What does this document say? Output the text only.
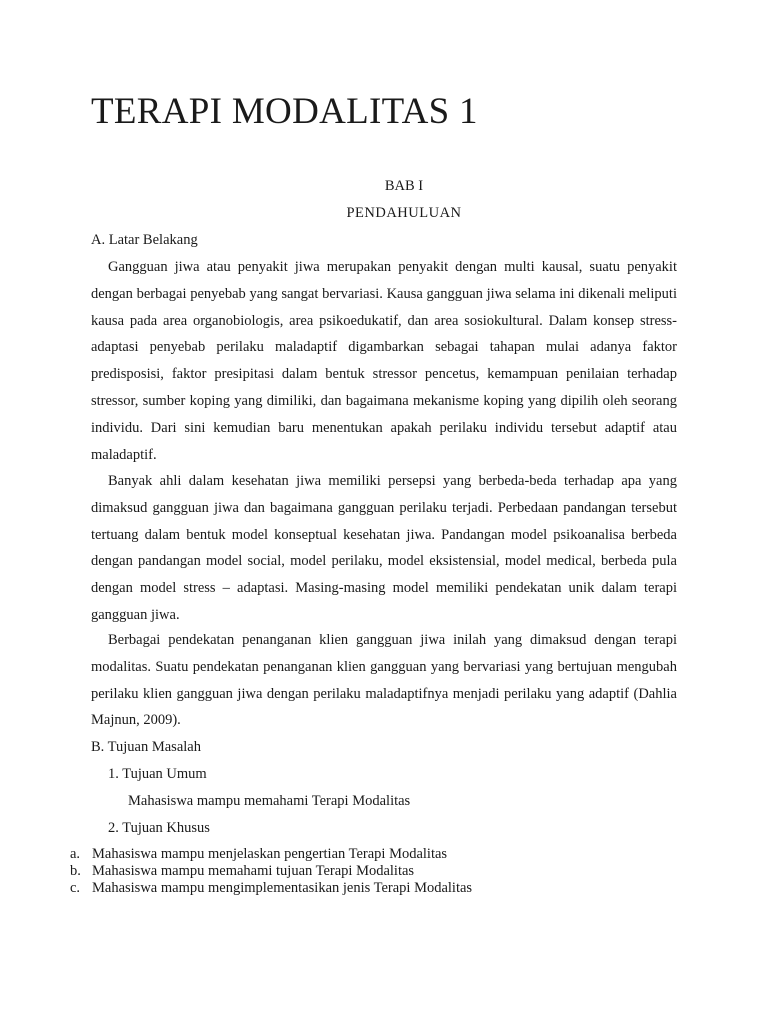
TERAPI MODALITAS 1
BAB I
PENDAHULUAN

A. Latar Belakang

Gangguan jiwa atau penyakit jiwa merupakan penyakit dengan multi kausal, suatu penyakit dengan berbagai penyebab yang sangat bervariasi. Kausa gangguan jiwa selama ini dikenali meliputi kausa pada area organobiologis, area psikoedukatif, dan area sosiokultural. Dalam konsep stress-adaptasi penyebab perilaku maladaptif digambarkan sebagai tahapan mulai adanya faktor predisposisi, faktor presipitasi dalam bentuk stressor pencetus, kemampuan penilaian terhadap stressor, sumber koping yang dimiliki, dan bagaimana mekanisme koping yang dipilih oleh seorang individu. Dari sini kemudian baru menentukan apakah perilaku individu tersebut adaptif atau maladaptif.

Banyak ahli dalam kesehatan jiwa memiliki persepsi yang berbeda-beda terhadap apa yang dimaksud gangguan jiwa dan bagaimana gangguan perilaku terjadi. Perbedaan pandangan tersebut tertuang dalam bentuk model konseptual kesehatan jiwa. Pandangan model psikoanalisa berbeda dengan pandangan model social, model perilaku, model eksistensial, model medical, berbeda pula dengan model stress – adaptasi. Masing-masing model memiliki pendekatan unik dalam terapi gangguan jiwa.

Berbagai pendekatan penanganan klien gangguan jiwa inilah yang dimaksud dengan terapi modalitas. Suatu pendekatan penanganan klien gangguan yang bervariasi yang bertujuan mengubah perilaku klien gangguan jiwa dengan perilaku maladaptifnya menjadi perilaku yang adaptif (Dahlia Majnun, 2009).

B. Tujuan Masalah

1. Tujuan Umum

Mahasiswa mampu memahami Terapi Modalitas

2. Tujuan Khusus

a. Mahasiswa mampu menjelaskan pengertian Terapi Modalitas
b. Mahasiswa mampu memahami tujuan Terapi Modalitas
c. Mahasiswa mampu mengimplementasikan jenis Terapi Modalitas
